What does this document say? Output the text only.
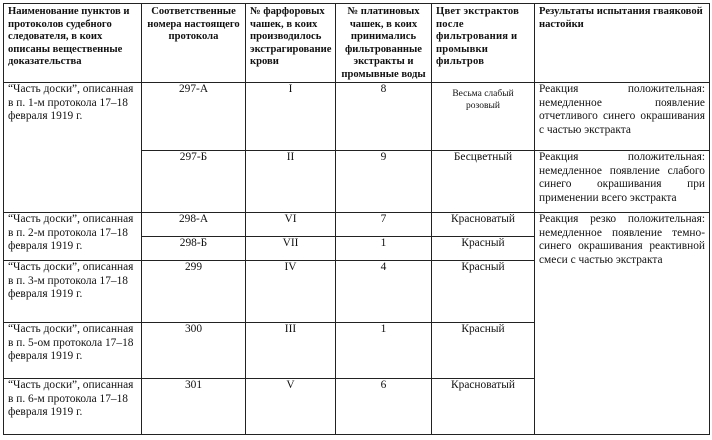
Наименование пунктов и протоколов судебного следователя, в коих описаны вещественные доказательства	Соответственные номера настоящего протокола	№ фарфоровых чашек, в коих производилось экстрагирование крови	№ платиновых чашек, в коих принимались фильтрованные экстракты и промывные воды	Цвет экстрактов после фильтрования и промывки фильтров	Результаты испытания гваяковой настойки
“Часть доски”, описанная в п. 1-м протокола 17–18 февраля 1919 г.	297-А	I	8	Весьма слабый розовый	Реакция положительная: немедленное появление отчетливого синего окрашивания с частью экстракта
	297-Б	II	9	Бесцветный	Реакция положительная: немедленное появление слабого синего окрашивания при применении всего экстракта
“Часть доски”, описанная в п. 2-м протокола 17–18 февраля 1919 г.	298-А	VI	7	Красноватый	Реакция резко положительная: немедленное появление темно-синего окрашивания реактивной смеси с частью экстракта
	298-Б	VII	1	Красный	
“Часть доски”, описанная в п. 3-м протокола 17–18 февраля 1919 г.	299	IV	4	Красный	
“Часть доски”, описанная в п. 5-ом протокола 17–18 февраля 1919 г.	300	III	1	Красный	
“Часть доски”, описанная в п. 6-м протокола 17–18 февраля 1919 г.	301	V	6	Красноватый	
